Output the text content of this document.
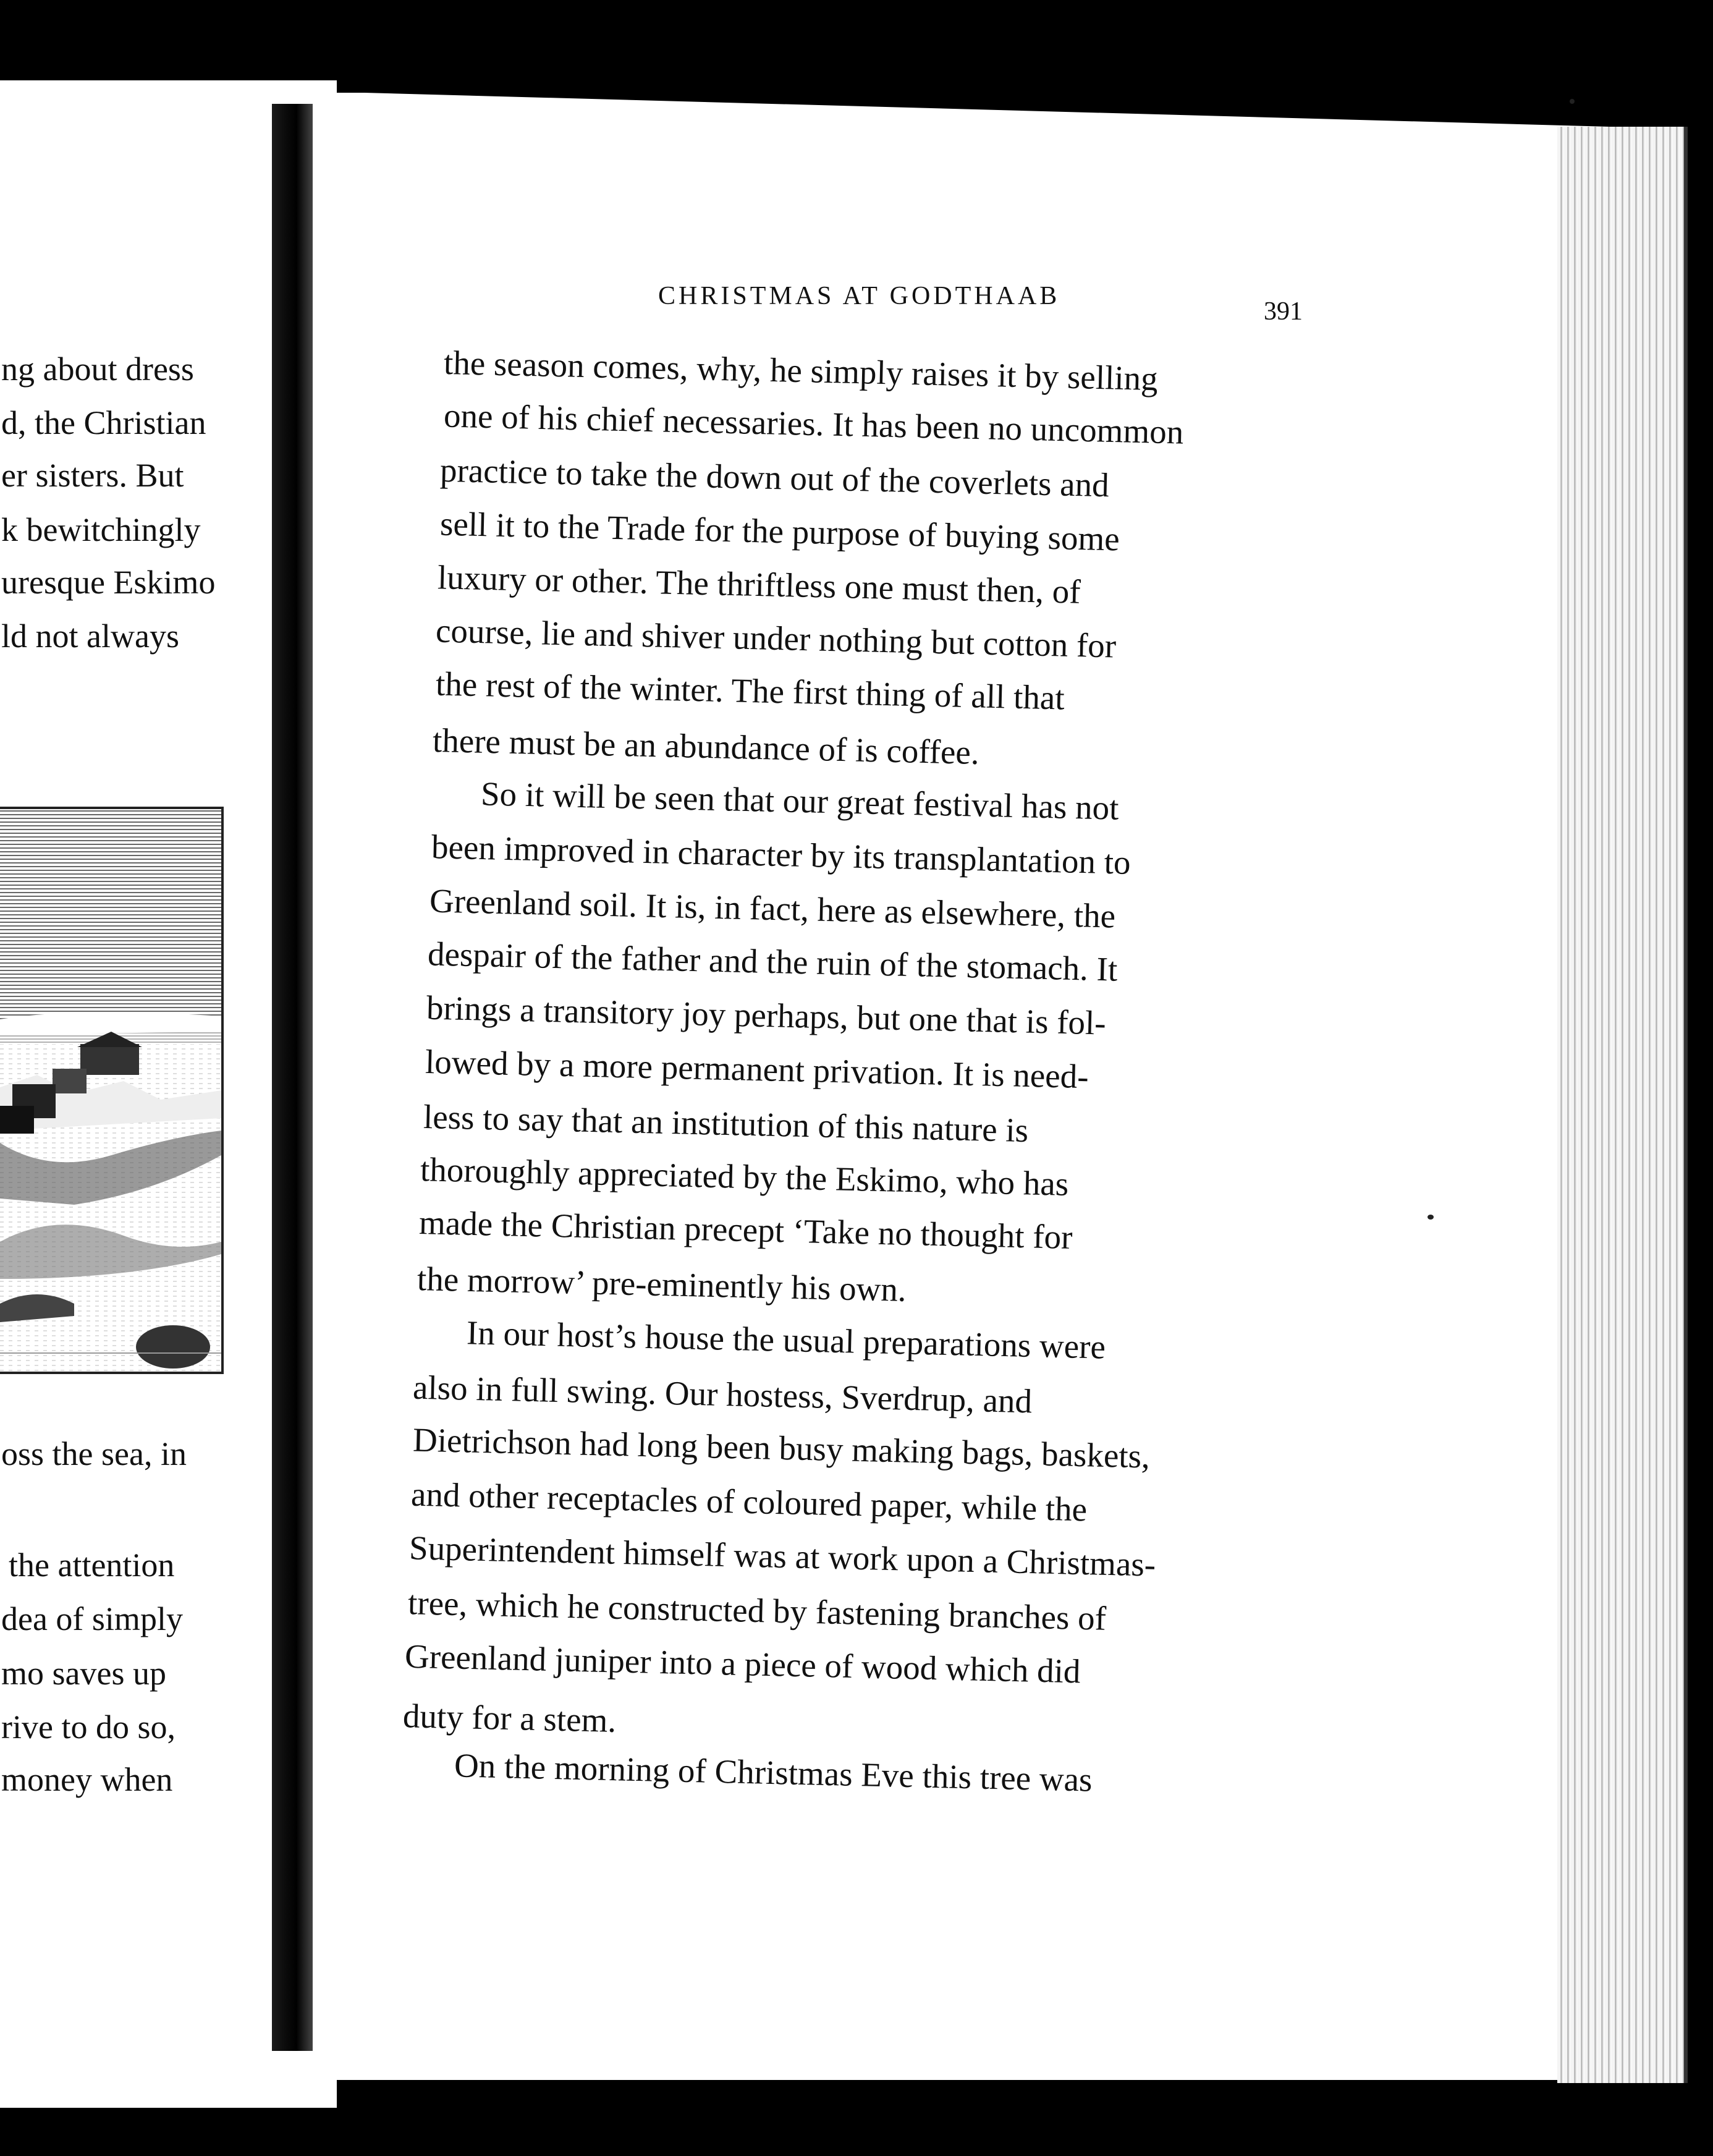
ng about dress
d, the Christian
er sisters. But
k bewitchingly
uresque Eskimo
ld not always
oss the sea, in
the attention
dea of simply
mo saves up
rive to do so,
money when
CHRISTMAS AT GODTHAAB
391
the season comes, why, he simply raises it by selling
one of his chief necessaries. It has been no uncommon
practice to take the down out of the coverlets and
sell it to the Trade for the purpose of buying some
luxury or other. The thriftless one must then, of
course, lie and shiver under nothing but cotton for
the rest of the winter. The first thing of all that
there must be an abundance of is coffee.
So it will be seen that our great festival has not
been improved in character by its transplantation to
Greenland soil. It is, in fact, here as elsewhere, the
despair of the father and the ruin of the stomach. It
brings a transitory joy perhaps, but one that is fol-
lowed by a more permanent privation. It is need-
less to say that an institution of this nature is
thoroughly appreciated by the Eskimo, who has
made the Christian precept ‘Take no thought for
the morrow’ pre-eminently his own.
In our host’s house the usual preparations were
also in full swing. Our hostess, Sverdrup, and
Dietrichson had long been busy making bags, baskets,
and other receptacles of coloured paper, while the
Superintendent himself was at work upon a Christmas-
tree, which he constructed by fastening branches of
Greenland juniper into a piece of wood which did
duty for a stem.
On the morning of Christmas Eve this tree was
